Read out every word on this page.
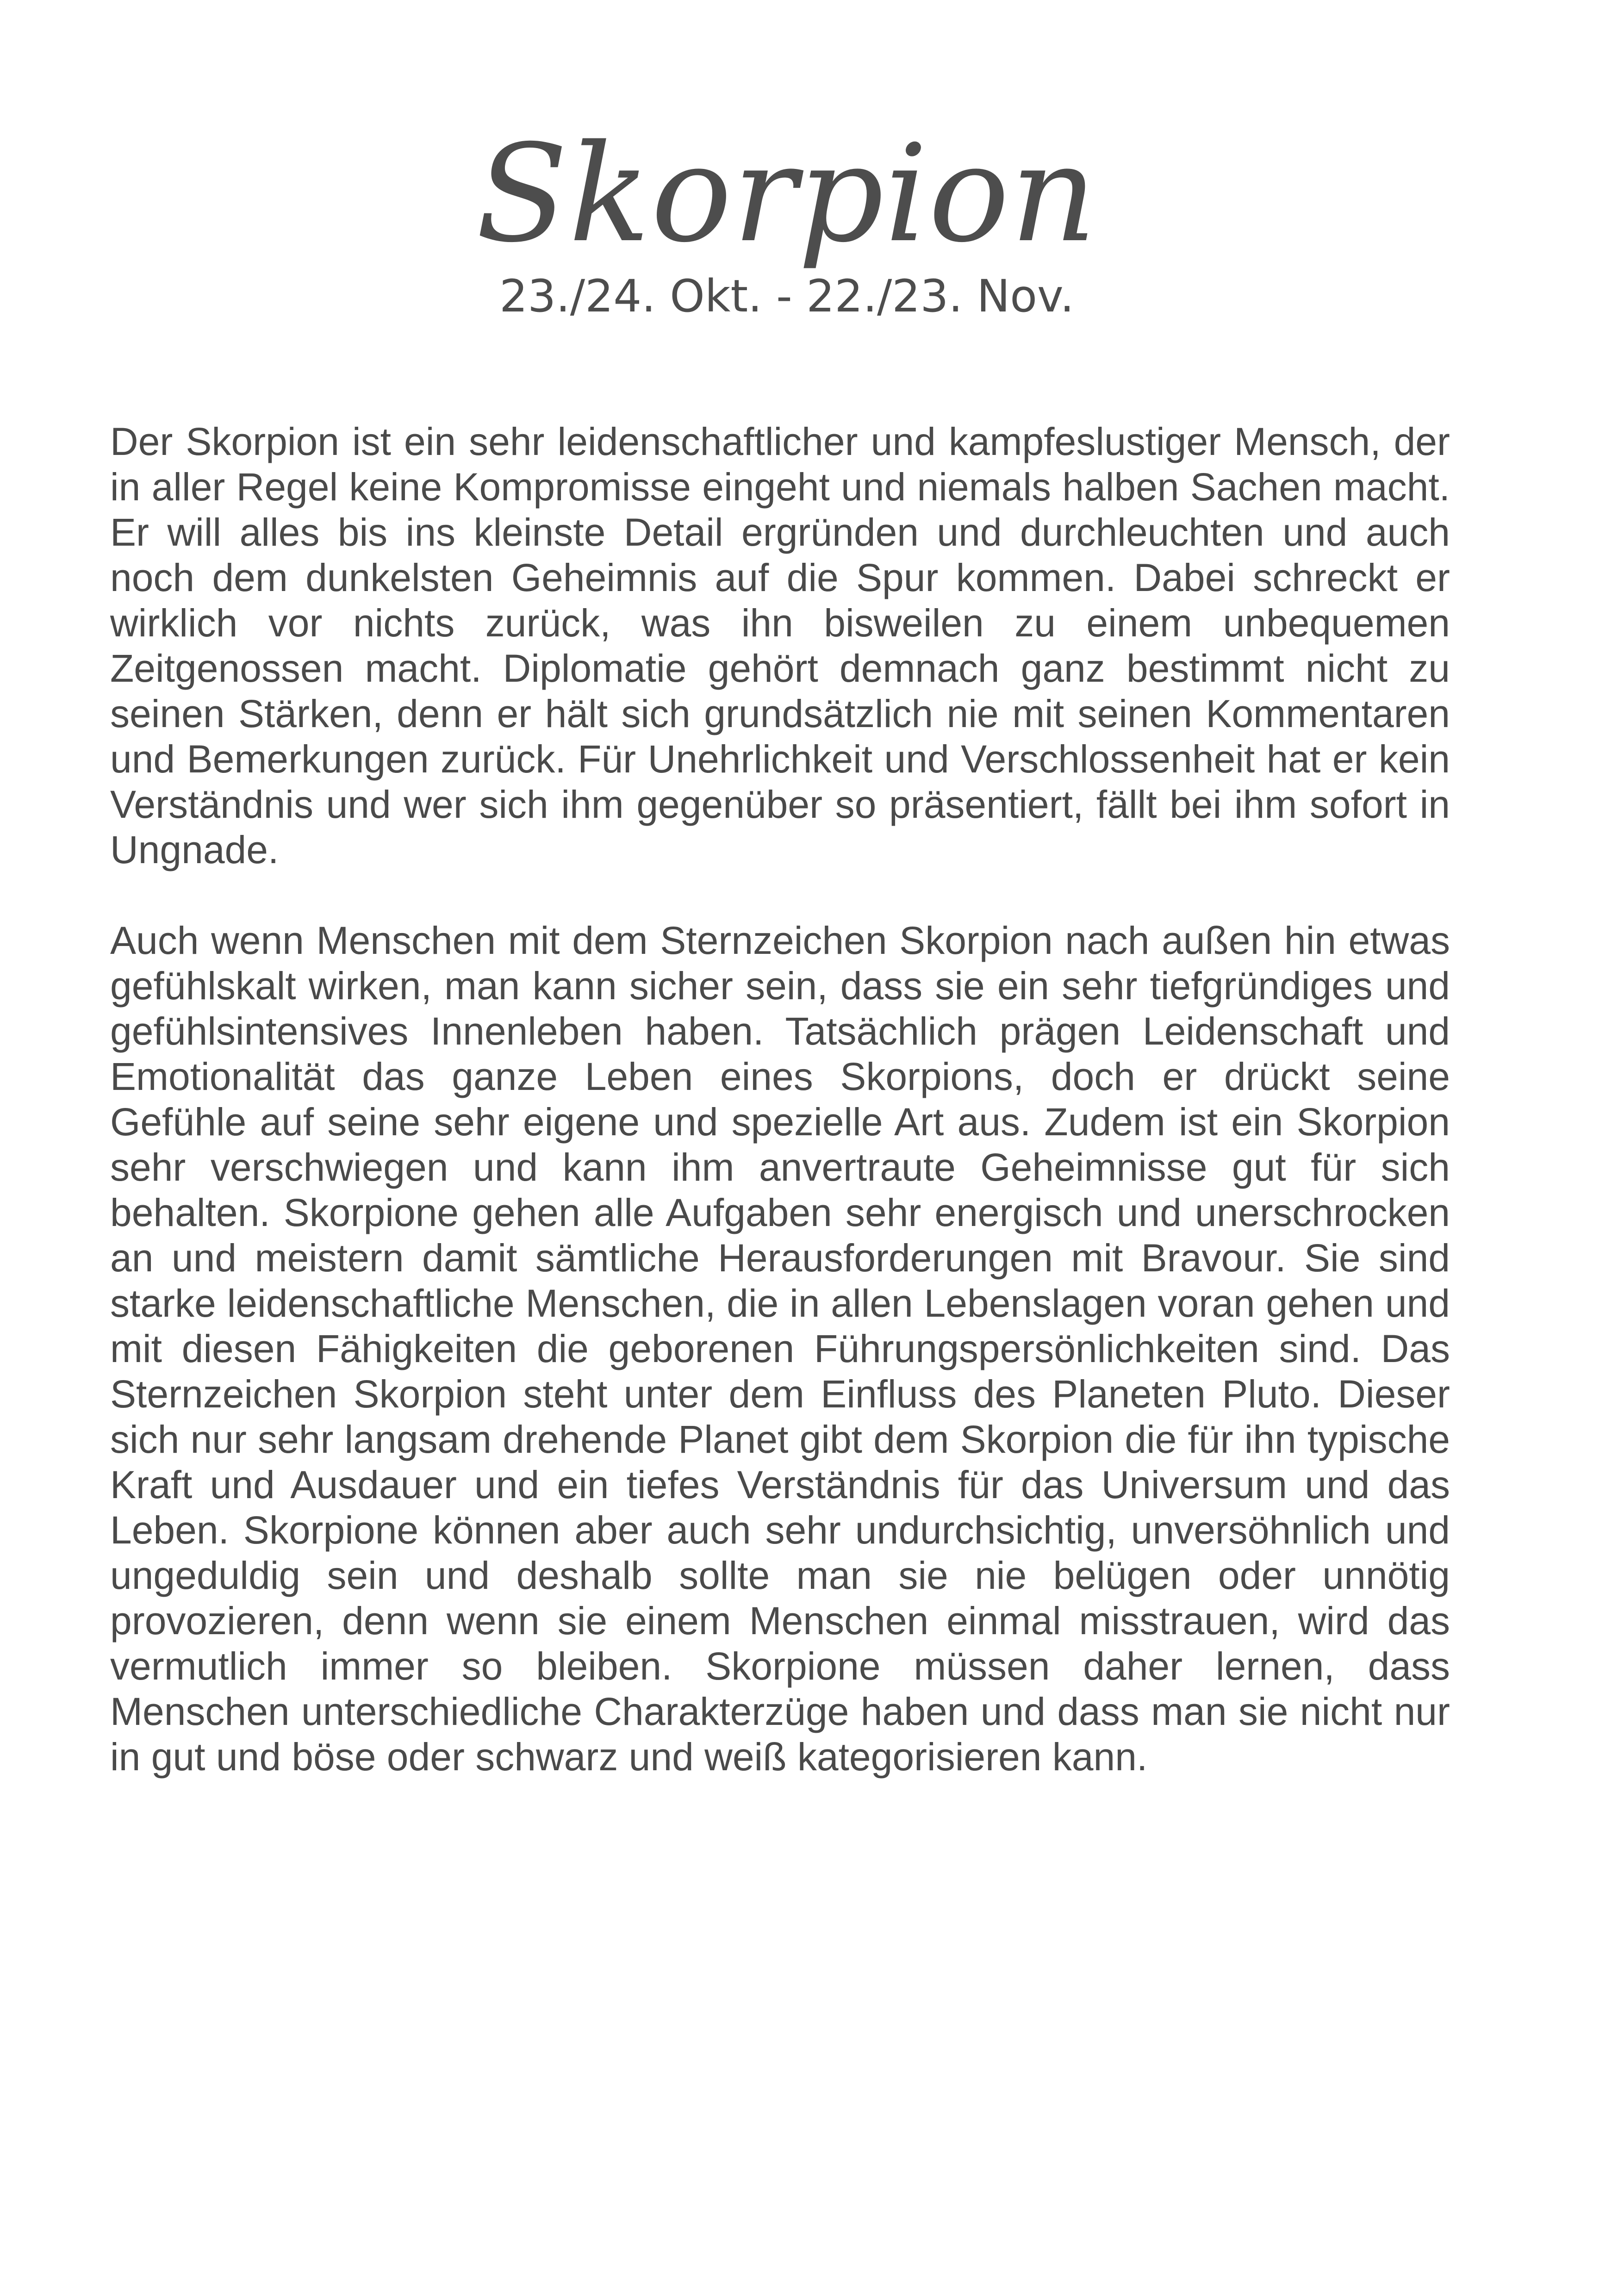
Skorpion
23./24. Okt. - 22./23. Nov.

Der Skorpion ist ein sehr leidenschaftlicher und kampfeslustiger Mensch, der in aller Regel keine Kompromisse eingeht und niemals halben Sachen macht. Er will alles bis ins kleinste Detail ergründen und durchleuchten und auch noch dem dunkelsten Geheimnis auf die Spur kommen. Dabei schreckt er wirklich vor nichts zurück, was ihn bisweilen zu einem unbequemen Zeitgenossen macht. Diplomatie gehört demnach ganz bestimmt nicht zu seinen Stärken, denn er hält sich grundsätzlich nie mit seinen Kommentaren und Bemerkungen zurück. Für Unehrlichkeit und Verschlossenheit hat er kein Verständnis und wer sich ihm gegenüber so präsentiert, fällt bei ihm sofort in Ungnade.

Auch wenn Menschen mit dem Sternzeichen Skorpion nach außen hin etwas gefühlskalt wirken, man kann sicher sein, dass sie ein sehr tiefgründiges und gefühlsintensives Innenleben haben. Tatsächlich prägen Leidenschaft und Emotionalität das ganze Leben eines Skorpions, doch er drückt seine Gefühle auf seine sehr eigene und spezielle Art aus. Zudem ist ein Skorpion sehr verschwiegen und kann ihm anvertraute Geheimnisse gut für sich behalten. Skorpione gehen alle Aufgaben sehr energisch und unerschrocken an und meistern damit sämtliche Herausforderungen mit Bravour. Sie sind starke leidenschaftliche Menschen, die in allen Lebenslagen voran gehen und mit diesen Fähigkeiten die geborenen Führungspersönlichkeiten sind. Das Sternzeichen Skorpion steht unter dem Einfluss des Planeten Pluto. Dieser sich nur sehr langsam drehende Planet gibt dem Skorpion die für ihn typische Kraft und Ausdauer und ein tiefes Verständnis für das Universum und das Leben. Skorpione können aber auch sehr undurchsichtig, unversöhnlich und ungeduldig sein und deshalb sollte man sie nie belügen oder unnötig provozieren, denn wenn sie einem Menschen einmal misstrauen, wird das vermutlich immer so bleiben. Skorpione müssen daher lernen, dass Menschen unterschiedliche Charakterzüge haben und dass man sie nicht nur in gut und böse oder schwarz und weiß kategorisieren kann.
